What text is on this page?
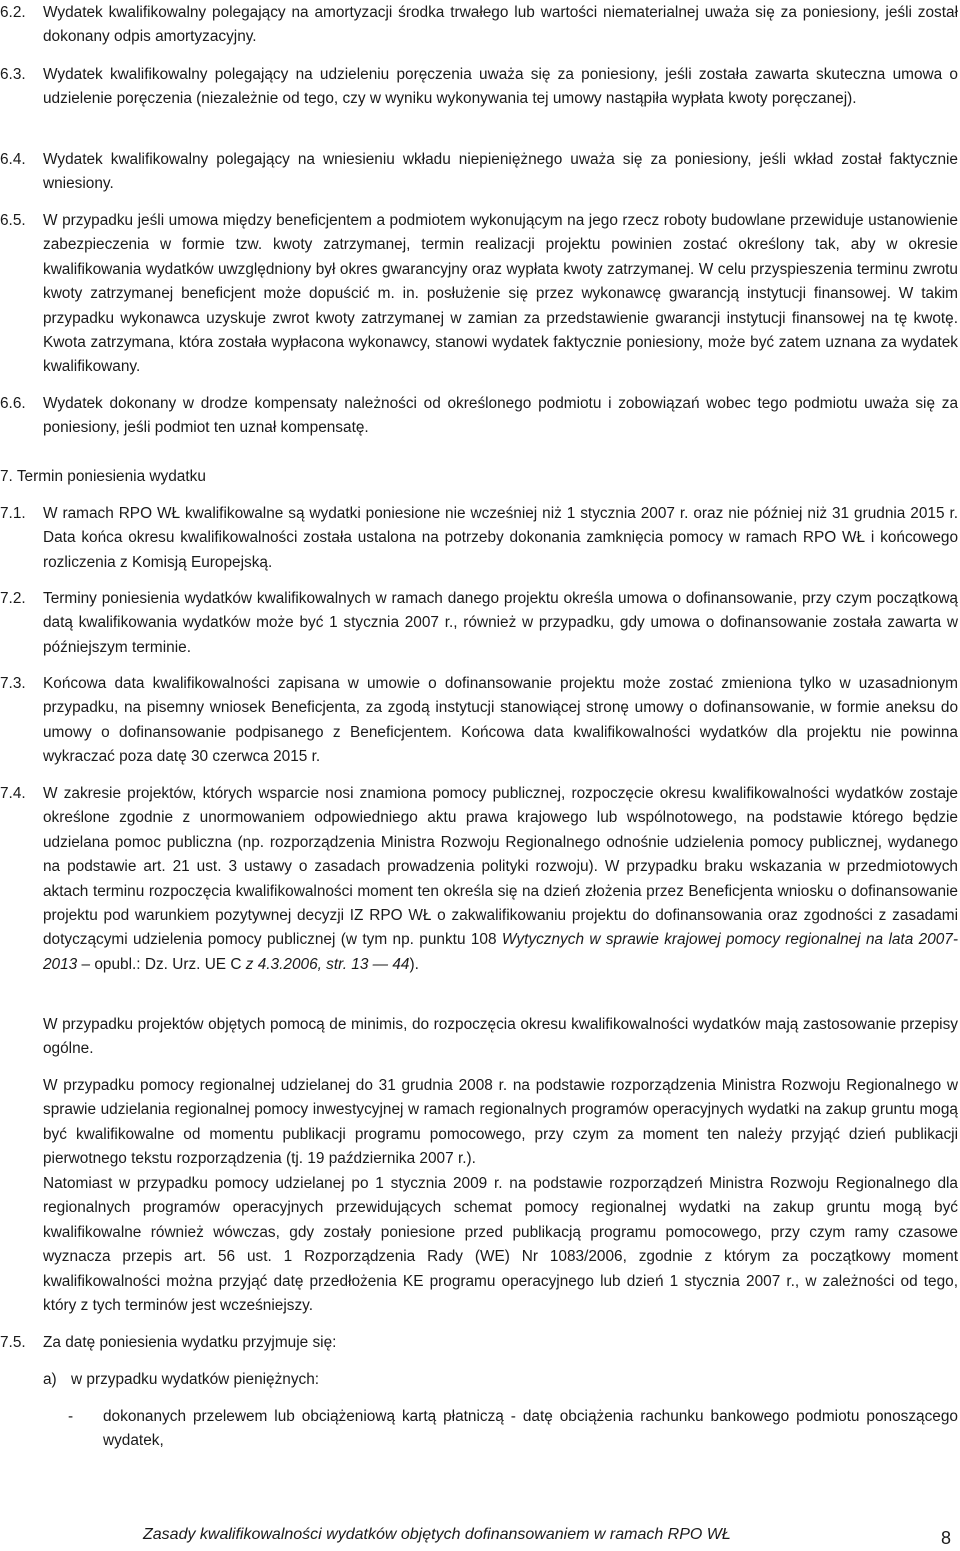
6.2.	Wydatek kwalifikowalny polegający na amortyzacji środka trwałego lub wartości niematerialnej uważa się za poniesiony, jeśli został dokonany odpis amortyzacyjny.
6.3.	Wydatek kwalifikowalny polegający na udzieleniu poręczenia uważa się za poniesiony, jeśli została zawarta skuteczna umowa o udzielenie poręczenia (niezależnie od tego, czy w wyniku wykonywania tej umowy nastąpiła wypłata kwoty poręczanej).
6.4.	Wydatek kwalifikowalny polegający na wniesieniu wkładu niepieniężnego uważa się za poniesiony, jeśli wkład został faktycznie wniesiony.
6.5.	W przypadku jeśli umowa między beneficjentem a podmiotem wykonującym na jego rzecz roboty budowlane przewiduje ustanowienie zabezpieczenia w formie tzw. kwoty zatrzymanej, termin realizacji projektu powinien zostać określony tak, aby w okresie kwalifikowania wydatków uwzględniony był okres gwarancyjny oraz wypłata kwoty zatrzymanej. W celu przyspieszenia terminu zwrotu kwoty zatrzymanej beneficjent może dopuścić m. in. posłużenie się przez wykonawcę gwarancją instytucji finansowej. W takim przypadku wykonawca uzyskuje zwrot kwoty zatrzymanej w zamian za przedstawienie gwarancji instytucji finansowej na tę kwotę. Kwota zatrzymana, która została wypłacona wykonawcy, stanowi wydatek faktycznie poniesiony, może być zatem uznana za wydatek kwalifikowany.
6.6.	Wydatek dokonany w drodze kompensaty należności od określonego podmiotu i zobowiązań wobec tego podmiotu uważa się za poniesiony, jeśli podmiot ten uznał kompensatę.
7. Termin poniesienia wydatku
7.1.	W ramach RPO WŁ kwalifikowalne są wydatki poniesione nie wcześniej niż 1 stycznia 2007 r. oraz nie później niż 31 grudnia 2015 r. Data końca okresu kwalifikowalności została ustalona na potrzeby dokonania zamknięcia pomocy w ramach RPO WŁ i końcowego rozliczenia z Komisją Europejską.
7.2.	Terminy poniesienia wydatków kwalifikowalnych w ramach danego projektu określa umowa o dofinansowanie, przy czym początkową datą kwalifikowania wydatków może być 1 stycznia 2007 r., również w przypadku, gdy umowa o dofinansowanie została zawarta w późniejszym terminie.
7.3.	Końcowa data kwalifikowalności zapisana w umowie o dofinansowanie projektu może zostać zmieniona tylko w uzasadnionym przypadku, na pisemny wniosek Beneficjenta, za zgodą instytucji stanowiącej stronę umowy o dofinansowanie, w formie aneksu do umowy o dofinansowanie podpisanego z Beneficjentem. Końcowa data kwalifikowalności wydatków dla projektu nie powinna wykraczać poza datę 30 czerwca 2015 r.
7.4.	W zakresie projektów, których wsparcie nosi znamiona pomocy publicznej, rozpoczęcie okresu kwalifikowalności wydatków zostaje określone zgodnie z unormowaniem odpowiedniego aktu prawa krajowego lub wspólnotowego, na podstawie którego będzie udzielana pomoc publiczna (np. rozporządzenia Ministra Rozwoju Regionalnego odnośnie udzielenia pomocy publicznej, wydanego na podstawie art. 21 ust. 3 ustawy o zasadach prowadzenia polityki rozwoju). W przypadku braku wskazania w przedmiotowych aktach terminu rozpoczęcia kwalifikowalności moment ten określa się na dzień złożenia przez Beneficjenta wniosku o dofinansowanie projektu pod warunkiem pozytywnej decyzji IZ RPO WŁ o zakwalifikowaniu projektu do dofinansowania oraz zgodności z zasadami dotyczącymi udzielenia pomocy publicznej (w tym np. punktu 108 Wytycznych w sprawie krajowej pomocy regionalnej na lata 2007-2013 – opubl.: Dz. Urz. UE C z 4.3.2006, str. 13 — 44).
W przypadku projektów objętych pomocą de minimis, do rozpoczęcia okresu kwalifikowalności wydatków mają zastosowanie przepisy ogólne.
W przypadku pomocy regionalnej udzielanej do 31 grudnia 2008 r. na podstawie rozporządzenia Ministra Rozwoju Regionalnego w sprawie udzielania regionalnej pomocy inwestycyjnej w ramach regionalnych programów operacyjnych wydatki na zakup gruntu mogą być kwalifikowalne od momentu publikacji programu pomocowego, przy czym za moment ten należy przyjąć dzień publikacji pierwotnego tekstu rozporządzenia (tj. 19 października 2007 r.).
Natomiast w przypadku pomocy udzielanej po 1 stycznia 2009 r. na podstawie rozporządzeń Ministra Rozwoju Regionalnego dla regionalnych programów operacyjnych przewidujących schemat pomocy regionalnej wydatki na zakup gruntu mogą być kwalifikowalne również wówczas, gdy zostały poniesione przed publikacją programu pomocowego, przy czym ramy czasowe wyznacza przepis art. 56 ust. 1 Rozporządzenia Rady (WE) Nr 1083/2006, zgodnie z którym za początkowy moment kwalifikowalności można przyjąć datę przedłożenia KE programu operacyjnego lub dzień 1 stycznia 2007 r., w zależności od tego, który z tych terminów jest wcześniejszy.
7.5.	Za datę poniesienia wydatku przyjmuje się:
a) w przypadku wydatków pieniężnych:
- dokonanych przelewem lub obciążeniową kartą płatniczą - datę obciążenia rachunku bankowego podmiotu ponoszącego wydatek,
Zasady kwalifikowalności wydatków objętych dofinansowaniem w ramach RPO WŁ	8
